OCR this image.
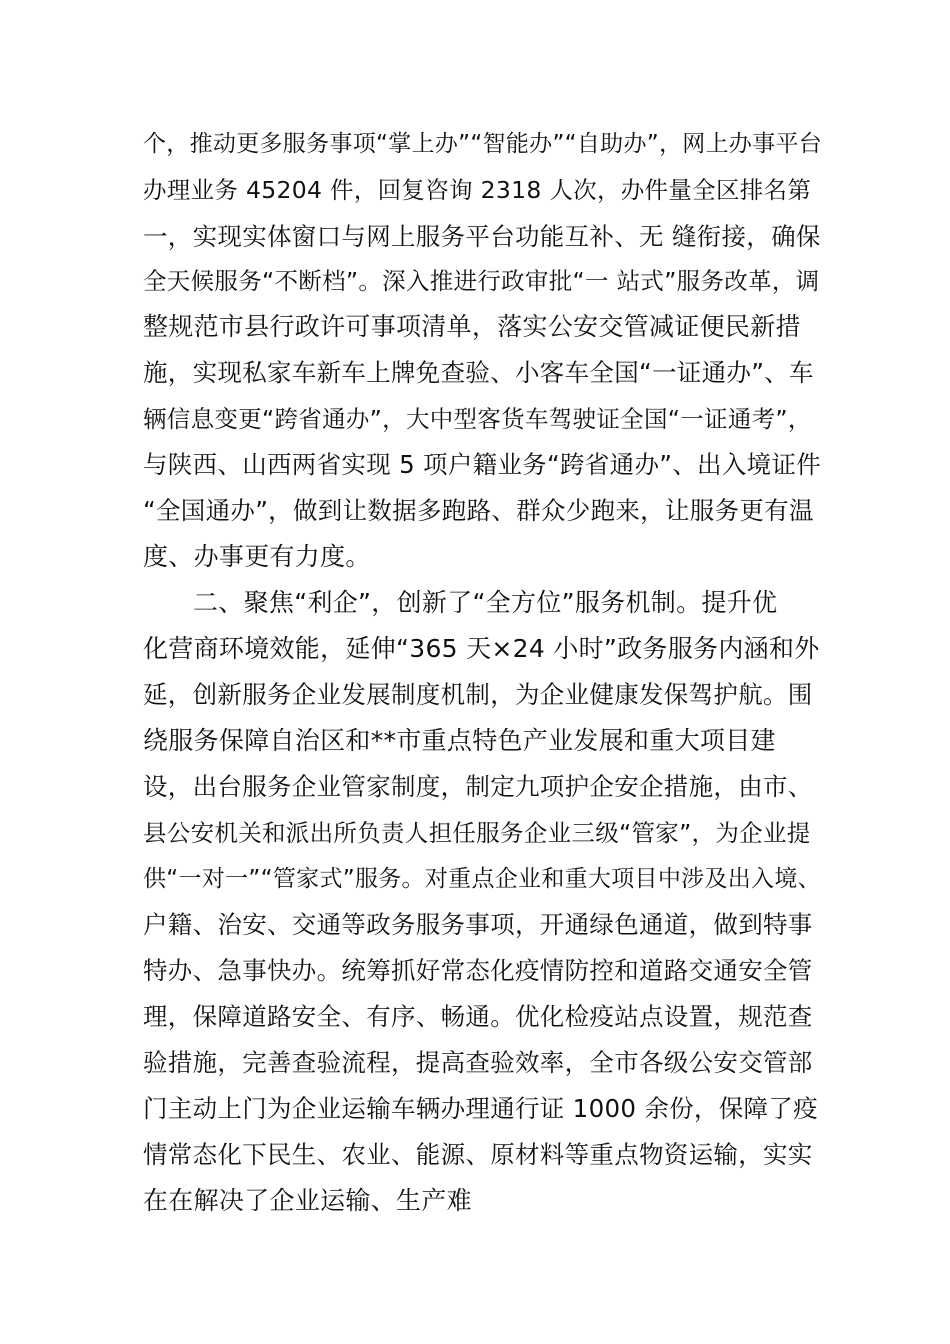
个，推动更多服务事项“掌上办”“智能办”“自助办”，网上办事平台
办理业务 45204 件，回复咨询 2318 人次，办件量全区排名第
一，实现实体窗口与网上服务平台功能互补、无 缝衔接，确保
全天候服务“不断档”。深入推进行政审批“一 站式”服务改革，调
整规范市县行政许可事项清单，落实公安交管减证便民新措
施，实现私家车新车上牌免查验、小客车全国“一证通办”、车
辆信息变更“跨省通办”，大中型客货车驾驶证全国“一证通考”，
与陕西、山西两省实现 5 项户籍业务“跨省通办”、出入境证件
“全国通办”，做到让数据多跑路、群众少跑来，让服务更有温
度、办事更有力度。
二、聚焦“利企”，创新了“全方位”服务机制。提升优
化营商环境效能，延伸“365 天×24 小时”政务服务内涵和外
延，创新服务企业发展制度机制，为企业健康发保驾护航。围
绕服务保障自治区和**市重点特色产业发展和重大项目建
设，出台服务企业管家制度，制定九项护企安企措施，由市、
县公安机关和派出所负责人担任服务企业三级“管家”，为企业提
供“一对一”“管家式”服务。对重点企业和重大项目中涉及出入境、
户籍、治安、交通等政务服务事项，开通绿色通道，做到特事
特办、急事快办。统筹抓好常态化疫情防控和道路交通安全管
理，保障道路安全、有序、畅通。优化检疫站点设置，规范查
验措施，完善查验流程，提高查验效率，全市各级公安交管部
门主动上门为企业运输车辆办理通行证 1000 余份，保障了疫
情常态化下民生、农业、能源、原材料等重点物资运输，实实
在在解决了企业运输、生产难
